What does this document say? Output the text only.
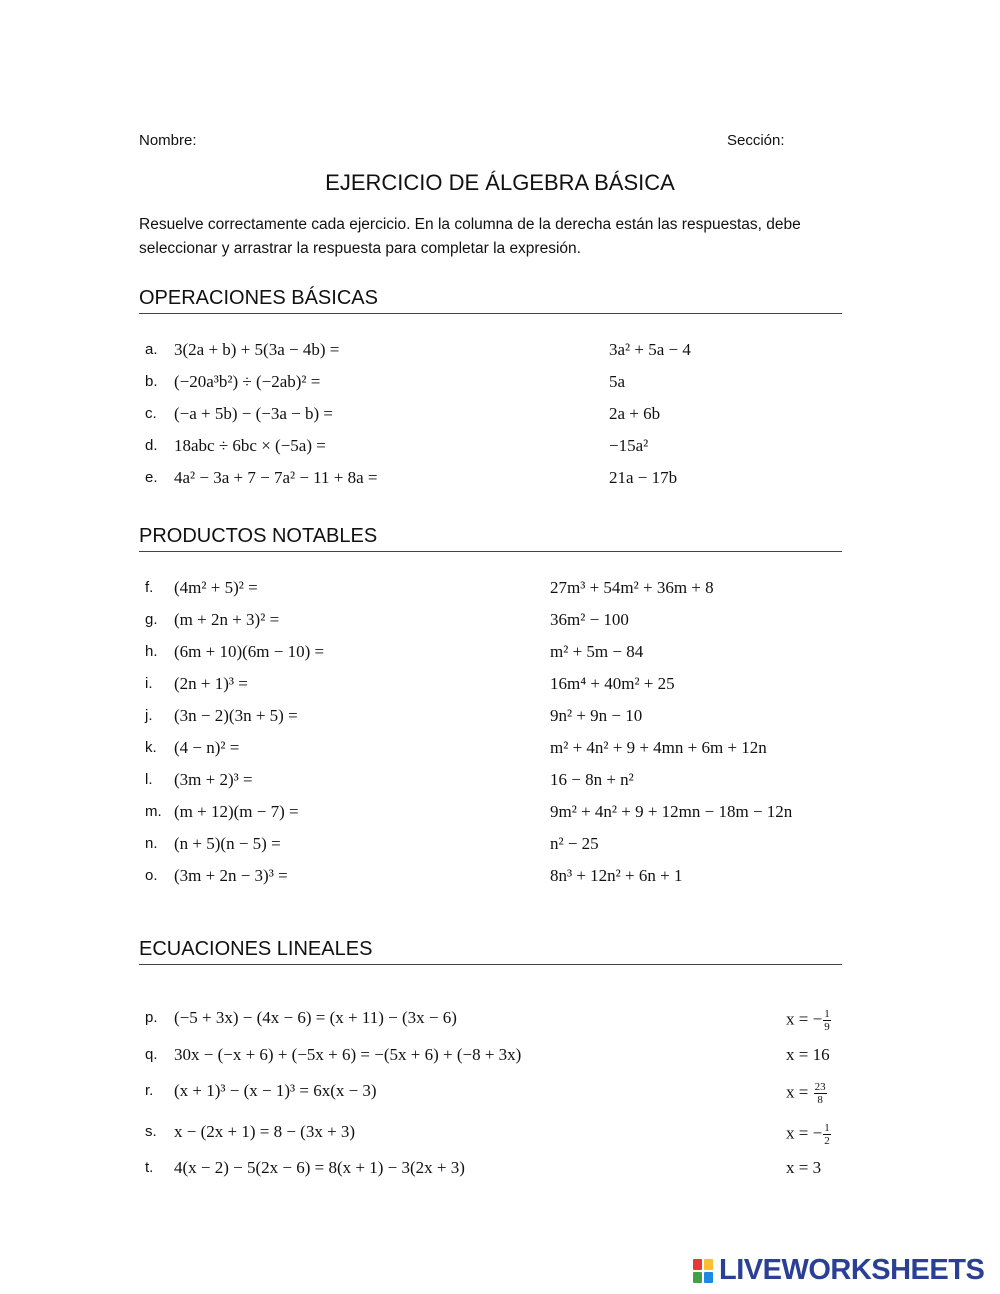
Nombre:	Sección:
EJERCICIO DE ÁLGEBRA BÁSICA
Resuelve correctamente cada ejercicio. En la columna de la derecha están las respuestas, debe seleccionar y arrastrar la respuesta para completar la expresión.
OPERACIONES BÁSICAS
a. 3(2a + b) + 5(3a − 4b) =	3a² + 5a − 4
b. (−20a³b²) ÷ (−2ab)² =	5a
c. (−a + 5b) − (−3a − b) =	2a + 6b
d. 18abc ÷ 6bc × (−5a) =	−15a²
e. 4a² − 3a + 7 − 7a² − 11 + 8a =	21a − 17b
PRODUCTOS NOTABLES
f. (4m² + 5)² =	27m³ + 54m² + 36m + 8
g. (m + 2n + 3)² =	36m² − 100
h. (6m + 10)(6m − 10) =	m² + 5m − 84
i. (2n + 1)³ =	16m⁴ + 40m² + 25
j. (3n − 2)(3n + 5) =	9n² + 9n − 10
k. (4 − n)² =	m² + 4n² + 9 + 4mn + 6m + 12n
l. (3m + 2)³ =	16 − 8n + n²
m. (m + 12)(m − 7) =	9m² + 4n² + 9 + 12mn − 18m − 12n
n. (n + 5)(n − 5) =	n² − 25
o. (3m + 2n − 3)³ =	8n³ + 12n² + 6n + 1
ECUACIONES LINEALES
p. (−5 + 3x) − (4x − 6) = (x + 11) − (3x − 6)	x = − $\frac{1}{9}$
q. 30x − (−x + 6) + (−5x + 6) = −(5x + 6) + (−8 + 3x)	x = 16
r. (x + 1)³ − (x − 1)³ = 6x(x − 3)	$x = \frac{23}{8}$
s. x − (2x + 1) = 8 − (3x + 3)	x = − $\frac{1}{2}$
t. 4(x − 2) − 5(2x − 6) = 8(x + 1) − 3(2x + 3)	x = 3
LIVEWORKSHEETS
